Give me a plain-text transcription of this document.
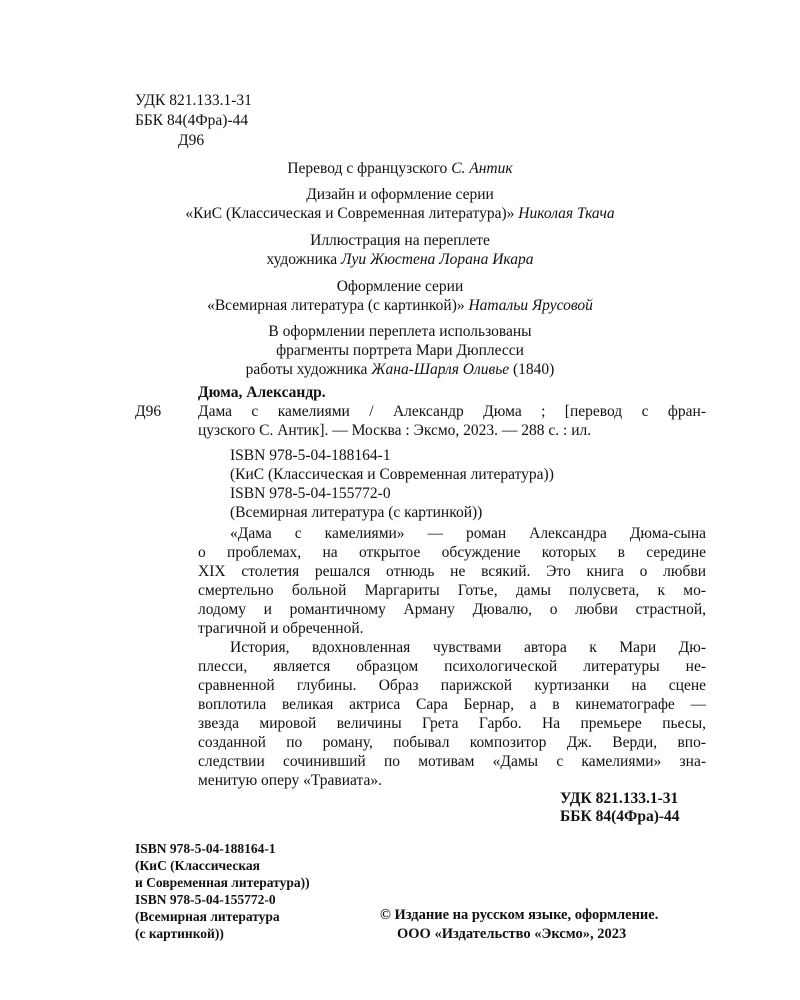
УДК 821.133.1-31
ББК 84(4Фра)-44
Д96
Перевод с французского С. Антик
Дизайн и оформление серии
«КиС (Классическая и Современная литература)» Николая Ткача
Иллюстрация на переплете
художника Луи Жюстена Лорана Икара
Оформление серии
«Всемирная литература (с картинкой)» Натальи Ярусовой
В оформлении переплета использованы
фрагменты портрета Мари Дюплесси
работы художника Жана-Шарля Оливье (1840)
Дюма, Александр.
Д96 Дама с камелиями / Александр Дюма ; [перевод с фран-
цузского С. Антик]. — Москва : Эксмо, 2023. — 288 с. : ил.
ISBN 978-5-04-188164-1
(КиС (Классическая и Современная литература))
ISBN 978-5-04-155772-0
(Всемирная литература (с картинкой))
«Дама с камелиями» — роман Александра Дюма-сына
о проблемах, на открытое обсуждение которых в середине
XIX столетия решался отнюдь не всякий. Это книга о любви
смертельно больной Маргариты Готье, дамы полусвета, к мо-
лодому и романтичному Арману Дювалю, о любви страстной,
трагичной и обреченной.
История, вдохновленная чувствами автора к Мари Дю-
плесси, является образцом психологической литературы не-
сравненной глубины. Образ парижской куртизанки на сцене
воплотила великая актриса Сара Бернар, а в кинематографе —
звезда мировой величины Грета Гарбо. На премьере пьесы,
созданной по роману, побывал композитор Дж. Верди, впо-
следствии сочинивший по мотивам «Дамы с камелиями» зна-
менитую оперу «Травиата».
УДК 821.133.1-31
ББК 84(4Фра)-44
ISBN 978-5-04-188164-1
(КиС (Классическая
и Современная литература))
ISBN 978-5-04-155772-0
(Всемирная литература
(с картинкой))
© Издание на русском языке, оформление.
ООО «Издательство «Эксмо», 2023
